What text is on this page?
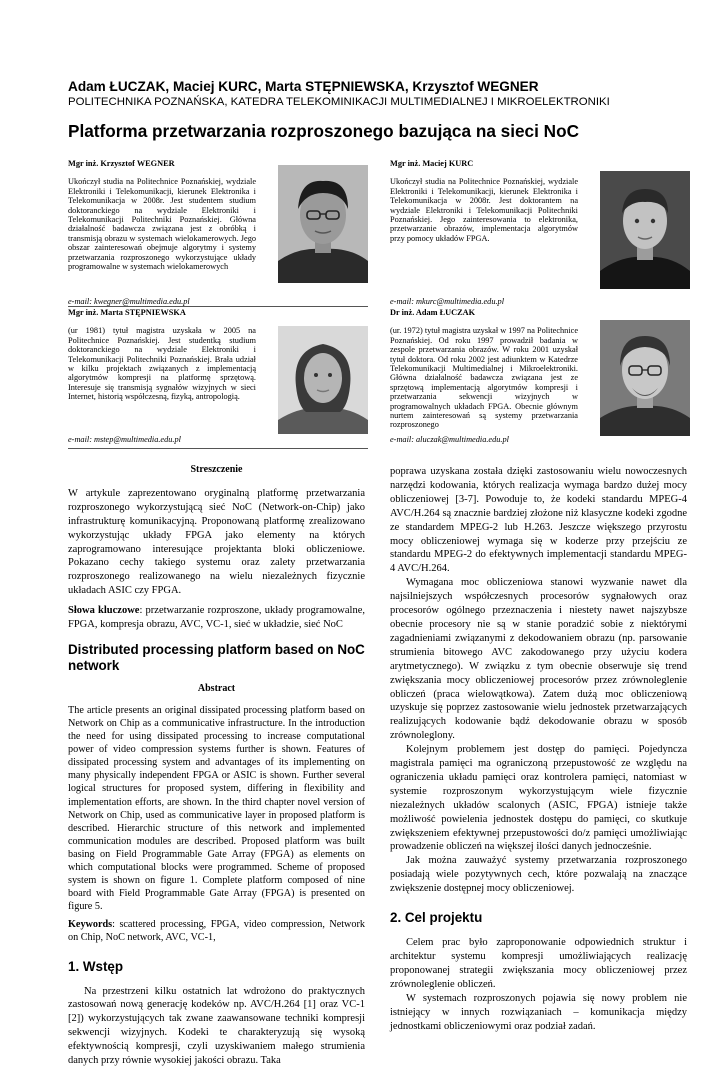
Adam ŁUCZAK, Maciej KURC, Marta STĘPNIEWSKA, Krzysztof WEGNER
POLITECHNIKA POZNAŃSKA, KATEDRA TELEKOMINIKACJI MULTIMEDIALNEJ I MIKROELEKTRONIKI
Platforma przetwarzania rozproszonego bazująca na sieci NoC
Mgr inż. Krzysztof WEGNER
Ukończył studia na Politechnice Poznańskiej, wydziale Elektroniki i Telekomunikacji, kierunek Elektronika i Telekomunikacja w 2008r. Jest studentem studium doktoranckiego na wydziale Elektroniki i Telekomunikacji Politechniki Poznańskiej. Główna działalność badawcza związana jest z obróbką i transmisją obrazu w systemach wielokamerowych. Jego obszar zainteresowań obejmuje algorytmy i systemy przetwarzania rozproszonego wykorzystujące układy programowalne w systemach wielokamerowych
e-mail: kwegner@multimedia.edu.pl
Mgr inż. Maciej KURC
Ukończył studia na Politechnice Poznańskiej, wydziale Elektroniki i Telekomunikacji, kierunek Elektronika i Telekomunikacja w 2008r. Jest doktorantem na wydziale Elektroniki i Telekomunikacji Politechniki Poznańskiej. Jego zainteresowania to elektronika, przetwarzanie obrazów, implementacja algorytmów przy pomocy układów FPGA.
e-mail: mkurc@multimedia.edu.pl
Mgr inż. Marta STĘPNIEWSKA
(ur 1981) tytuł magistra uzyskała w 2005 na Politechnice Poznańskiej. Jest studentką studium doktoranckiego na wydziale Elektroniki i Telekomunikacji Politechniki Poznańskiej. Brała udział w kilku projektach związanych z implementacją algorytmów kompresji na platformę sprzętową. Interesuje się transmisją sygnałów wizyjnych w sieci Internet, historią współczesną, fizyką, antropologią.
e-mail: mstep@multimedia.edu.pl
Dr inż. Adam ŁUCZAK
(ur. 1972) tytuł magistra uzyskał w 1997 na Politechnice Poznańskiej. Od roku 1997 prowadził badania w zespole przetwarzania obrazów. W roku 2001 uzyskał tytuł doktora. Od roku 2002 jest adiunktem w Katedrze Telekomunikacji Multimedialnej i Mikroelektroniki. Główna działalność badawcza związana jest ze sprzętową implementacją algorytmów kompresji i przetwarzania sekwencji wizyjnych w programowalnych układach FPGA. Obecnie głównym nurtem zainteresowań są systemy przetwarzania rozproszonego
e-mail: aluczak@multimedia.edu.pl

Streszczenie

W artykule zaprezentowano oryginalną platformę przetwarzania rozproszonego wykorzystującą sieć NoC (Network-on-Chip) jako infrastrukturę komunikacyjną. Proponowaną platformę zrealizowano wykorzystując układy FPGA jako elementy na których zaprogramowano interesujące projektanta bloki obliczeniowe. Pokazano cechy takiego systemu oraz zalety przetwarzania rozproszonego realizowanego na wielu niezależnych fizycznie układach ASIC czy FPGA.

Słowa kluczowe: przetwarzanie rozproszone, układy programowalne, FPGA, kompresja obrazu, AVC, VC-1, sieć w układzie, sieć NoC

Distributed processing platform based on NoC network

Abstract

The article presents an original dissipated processing platform based on Network on Chip as a communicative infrastructure. In the introduction the need for using dissipated processing to increase computational power of video compression systems further is shown. Features of dissipated processing system and advantages of its implementing on many physically independent FPGA or ASIC is shown. Further several logical structures for proposed system, differing in flexibility and implementation efforts, are shown. In the third chapter novel version of Network on Chip, used as communicative layer in proposed platform is described. Hierarchic structure of this network and implemented communication modules are described. Proposed platform was built basing on Field Programmable Gate Array (FPGA) as elements on which computational blocks were programmed. Scheme of proposed system is shown on figure 1. Complete platform composed of nine board with Field Programmable Gate Array (FPGA) is presented on figure 5.

Keywords: scattered processing, FPGA, video compression, Network on Chip, NoC network, AVC, VC-1,

1. Wstęp

Na przestrzeni kilku ostatnich lat wdrożono do praktycznych zastosowań nową generację kodeków np. AVC/H.264 [1] oraz VC-1 [2]) wykorzystujących tak zwane zaawansowane techniki kompresji sekwencji wizyjnych. Kodeki te charakteryzują się wysoką efektywnością kompresji, czyli uzyskiwaniem małego strumienia danych przy równie wysokiej jakości obrazu. Taka

poprawa uzyskana została dzięki zastosowaniu wielu nowoczesnych narzędzi kodowania, których realizacja wymaga bardzo dużej mocy obliczeniowej [3-7]. Powoduje to, że kodeki standardu MPEG-4 AVC/H.264 są znacznie bardziej złożone niż klasyczne kodeki zgodne ze standardem MPEG-2 lub H.263. Jeszcze większego przyrostu mocy obliczeniowej wymaga się w koderze przy przejściu ze standardu MPEG-2 do efektywnych implementacji standardu MPEG-4 AVC/H.264.

Wymagana moc obliczeniowa stanowi wyzwanie nawet dla najsilniejszych współczesnych procesorów sygnałowych oraz procesorów ogólnego przeznaczenia i niestety nawet najszybsze obecnie procesory nie są w stanie poradzić sobie z niektórymi zagadnieniami związanymi z dekodowaniem obrazu (np. parsowanie strumienia bitowego AVC zakodowanego przy użyciu kodera arytmetycznego). W związku z tym obecnie obserwuje się trend zwiększania mocy obliczeniowej procesorów przez zrównoleglenie obliczeń (praca wielowątkowa). Zatem dużą moc obliczeniową uzyskuje się poprzez zastosowanie wielu jednostek przetwarzających realizujących kodowanie bądź dekodowanie obrazu w sposób zrównoleglony.

Kolejnym problemem jest dostęp do pamięci. Pojedyncza magistrala pamięci ma ograniczoną przepustowość ze względu na ograniczenia układu pamięci oraz kontrolera pamięci, natomiast w systemie rozproszonym wykorzystującym wiele fizycznie niezależnych układów scalonych (ASIC, FPGA) istnieje także możliwość powielenia jednostek dostępu do pamięci, co skutkuje zwiększeniem efektywnej przepustowości do/z pamięci umożliwiając prowadzenie obliczeń na większej ilości danych jednocześnie.

Jak można zauważyć systemy przetwarzania rozproszonego posiadają wiele pozytywnych cech, które pozwalają na znaczące zwiększenie dostępnej mocy obliczeniowej.

2. Cel projektu

Celem prac było zaproponowanie odpowiednich struktur i architektur systemu kompresji umożliwiających realizację proponowanej strategii zwiększania mocy obliczeniowej przez zrównoleglenie obliczeń.

W systemach rozproszonych pojawia się nowy problem nie istniejący w innych rozwiązaniach – komunikacja między jednostkami obliczeniowymi oraz podział zadań.
